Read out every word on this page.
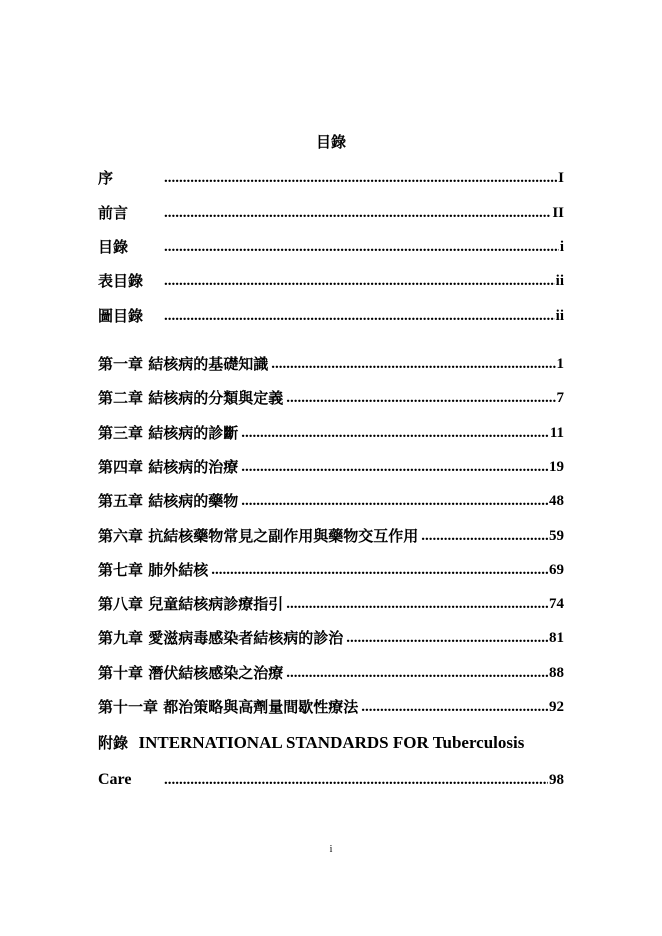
目錄
序 .....	I
前言 .....	II
目錄 .....	i
表目錄 .....	ii
圖目錄 .....	ii
第一章 結核病的基礎知識 .....	1
第二章 結核病的分類與定義 .....	7
第三章 結核病的診斷 .....	11
第四章 結核病的治療 .....	19
第五章 結核病的藥物 .....	48
第六章 抗結核藥物常見之副作用與藥物交互作用 .....	59
第七章 肺外結核 .....	69
第八章 兒童結核病診療指引 .....	74
第九章 愛滋病毒感染者結核病的診治 .....	81
第十章 潛伏結核感染之治療 .....	88
第十一章 都治策略與高劑量間歇性療法 .....	92
附錄 INTERNATIONAL STANDARDS FOR Tuberculosis
Care .....	98
i
